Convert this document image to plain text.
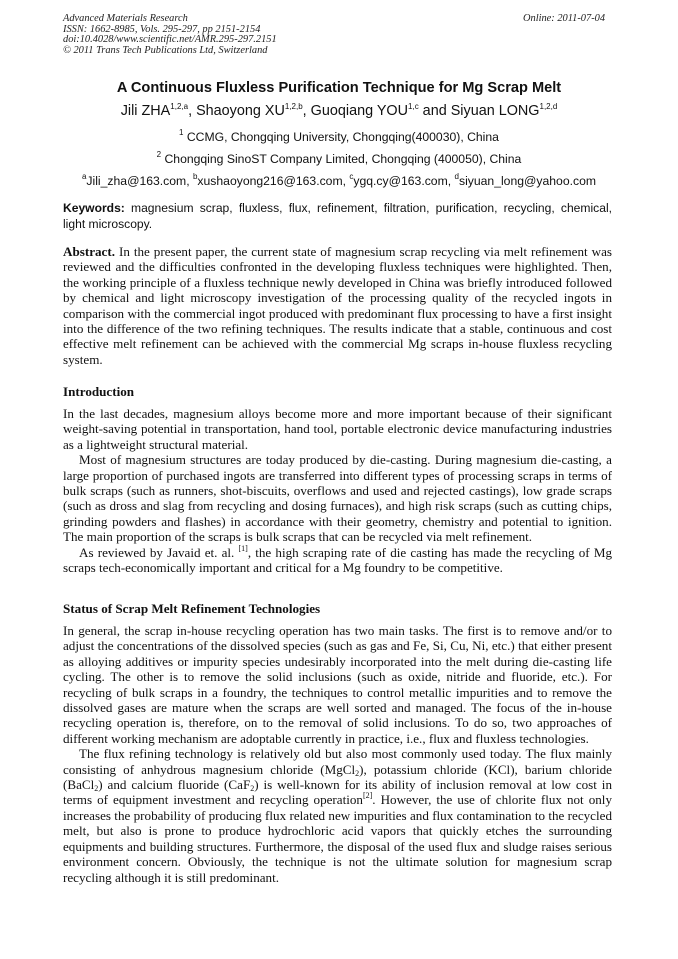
Advanced Materials Research
ISSN: 1662-8985, Vols. 295-297, pp 2151-2154
doi:10.4028/www.scientific.net/AMR.295-297.2151
© 2011 Trans Tech Publications Ltd, Switzerland
Online: 2011-07-04
A Continuous Fluxless Purification Technique for Mg Scrap Melt
Jili ZHA$^{1,2,a}$, Shaoyong XU$^{1,2,b}$, Guoqiang YOU$^{1,c}$ and Siyuan LONG$^{1,2,d}$
$^1$ CCMG, Chongqing University, Chongqing(400030), China
$^2$ Chongqing SinoST Company Limited, Chongqing (400050), China
$^a$Jili_zha@163.com, $^b$xushaoyong216@163.com, $^c$ygq.cy@163.com, $^d$siyuan_long@yahoo.com
Keywords: magnesium scrap, fluxless, flux, refinement, filtration, purification, recycling, chemical, light microscopy.

Abstract. In the present paper, the current state of magnesium scrap recycling via melt refinement was reviewed and the difficulties confronted in the developing fluxless techniques were highlighted. Then, the working principle of a fluxless technique newly developed in China was briefly introduced followed by chemical and light microscopy investigation of the processing quality of the recycled ingots in comparison with the commercial ingot produced with predominant flux processing to have a first insight into the difference of the two refining techniques. The results indicate that a stable, continuous and cost effective melt refinement can be achieved with the commercial Mg scraps in-house fluxless recycling system.

Introduction

In the last decades, magnesium alloys become more and more important because of their significant weight-saving potential in transportation, hand tool, portable electronic device manufacturing industries as a lightweight structural material.

Most of magnesium structures are today produced by die-casting. During magnesium die-casting, a large proportion of purchased ingots are transferred into different types of processing scraps in terms of bulk scraps (such as runners, shot-biscuits, overflows and used and rejected castings), low grade scraps (such as dross and slag from recycling and dosing furnaces), and high risk scraps (such as cutting chips, grinding powders and flashes) in accordance with their geometry, chemistry and potential to ignition. The main proportion of the scraps is bulk scraps that can be recycled via melt refinement.

As reviewed by Javaid et. al. [1], the high scraping rate of die casting has made the recycling of Mg scraps tech-economically important and critical for a Mg foundry to be competitive.

Status of Scrap Melt Refinement Technologies

In general, the scrap in-house recycling operation has two main tasks. The first is to remove and/or to adjust the concentrations of the dissolved species (such as gas and Fe, Si, Cu, Ni, etc.) that either present as alloying additives or impurity species undesirably incorporated into the melt during die-casting life cycling. The other is to remove the solid inclusions (such as oxide, nitride and fluoride, etc.). For recycling of bulk scraps in a foundry, the techniques to control metallic impurities and to remove the dissolved gases are mature when the scraps are well sorted and managed. The focus of the in-house recycling operation is, therefore, on to the removal of solid inclusions. To do so, two approaches of different working mechanism are adoptable currently in practice, i.e., flux and fluxless technologies.

The flux refining technology is relatively old but also most commonly used today. The flux mainly consisting of anhydrous magnesium chloride (MgCl$_2$), potassium chloride (KCl), barium chloride (BaCl$_2$) and calcium fluoride (CaF$_2$) is well-known for its ability of inclusion removal at low cost in terms of equipment investment and recycling operation[2]. However, the use of chlorite flux not only increases the probability of producing flux related new impurities and flux contamination to the recycled melt, but also is prone to produce hydrochloric acid vapors that quickly etches the surrounding equipments and building structures. Furthermore, the disposal of the used flux and sludge raises serious environment concern. Obviously, the technique is not the ultimate solution for magnesium scrap recycling although it is still predominant.
